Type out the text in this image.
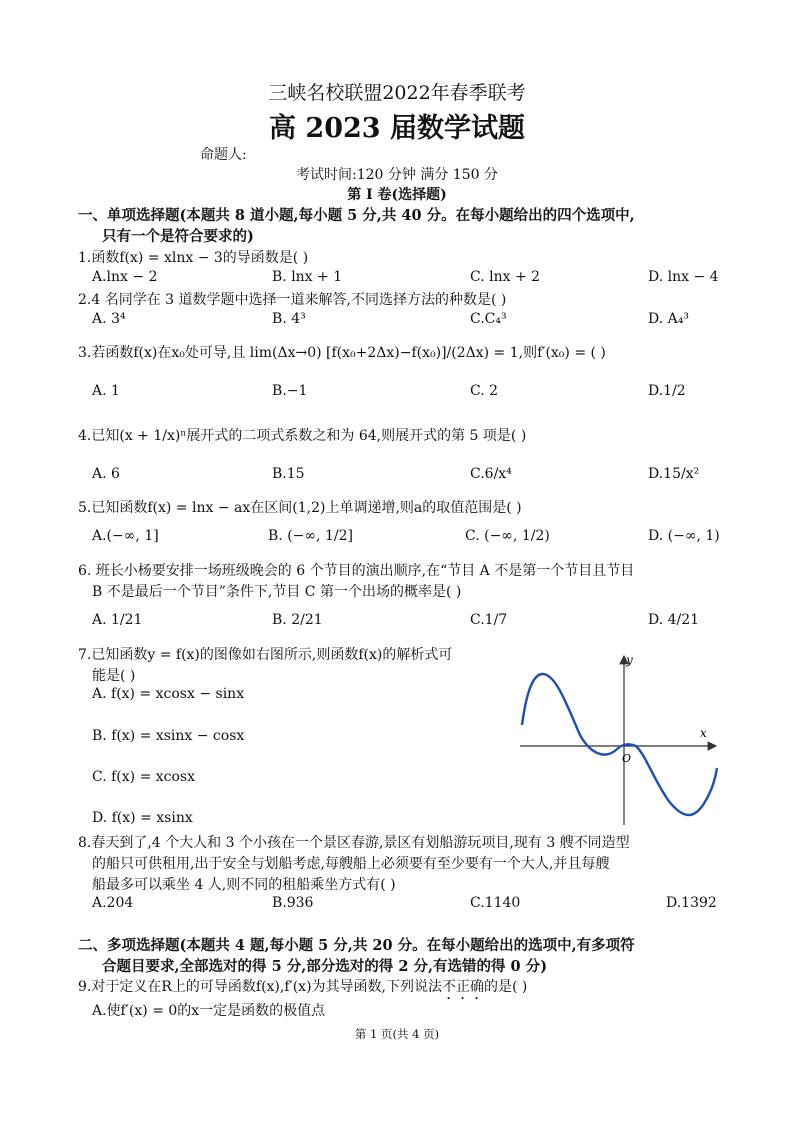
三峡名校联盟2022年春季联考
高 2023 届数学试题
命题人:
考试时间:120 分钟 满分 150 分
第 I 卷(选择题)
一、单项选择题(本题共 8 道小题,每小题 5 分,共 40 分。在每小题给出的四个选项中,
只有一个是符合要求的)
1.函数f(x) = xlnx − 3的导函数是( )
A.lnx − 2	B. lnx + 1	C. lnx + 2	D. lnx − 4
2.4 名同学在 3 道数学题中选择一道来解答,不同选择方法的种数是( )
A. 3⁴	B. 4³	C.C₄³	D. A₄³
3.若函数f(x)在x₀处可导,且 lim(Δx→0) [f(x₀+2Δx)−f(x₀)]/(2Δx) = 1,则f′(x₀) = ( )
A. 1	B.−1	C. 2	D.1/2
4.已知(x + 1/x)ⁿ展开式的二项式系数之和为 64,则展开式的第 5 项是( )
A. 6	B.15	C.6/x⁴	D.15/x²
5.已知函数f(x) = lnx − ax在区间(1,2)上单调递增,则a的取值范围是( )
A.(−∞, 1]	B. (−∞, 1/2]	C. (−∞, 1/2)	D. (−∞, 1)
6. 班长小杨要安排一场班级晚会的 6 个节目的演出顺序,在“节目 A 不是第一个节目且节目
B 不是最后一个节目”条件下,节目 C 第一个出场的概率是( )
A. 1/21	B. 2/21	C.1/7	D. 4/21
7.已知函数y = f(x)的图像如右图所示,则函数f(x)的解析式可
能是( )
A. f(x) = xcosx − sinx
B. f(x) = xsinx − cosx
C. f(x) = xcosx
D. f(x) = xsinx
y
x
O
8.春天到了,4 个大人和 3 个小孩在一个景区春游,景区有划船游玩项目,现有 3 艘不同造型
的船只可供租用,出于安全与划船考虑,每艘船上必须要有至少要有一个大人,并且每艘
船最多可以乘坐 4 人,则不同的租船乘坐方式有( )
A.204	B.936	C.1140	D.1392
二、多项选择题(本题共 4 题,每小题 5 分,共 20 分。在每小题给出的选项中,有多项符
合题目要求,全部选对的得 5 分,部分选对的得 2 分,有选错的得 0 分)
9.对于定义在R上的可导函数f(x),f′(x)为其导函数,下列说法不正确的是( )
A.使f′(x) = 0的x一定是函数的极值点
第 1 页(共 4 页)
